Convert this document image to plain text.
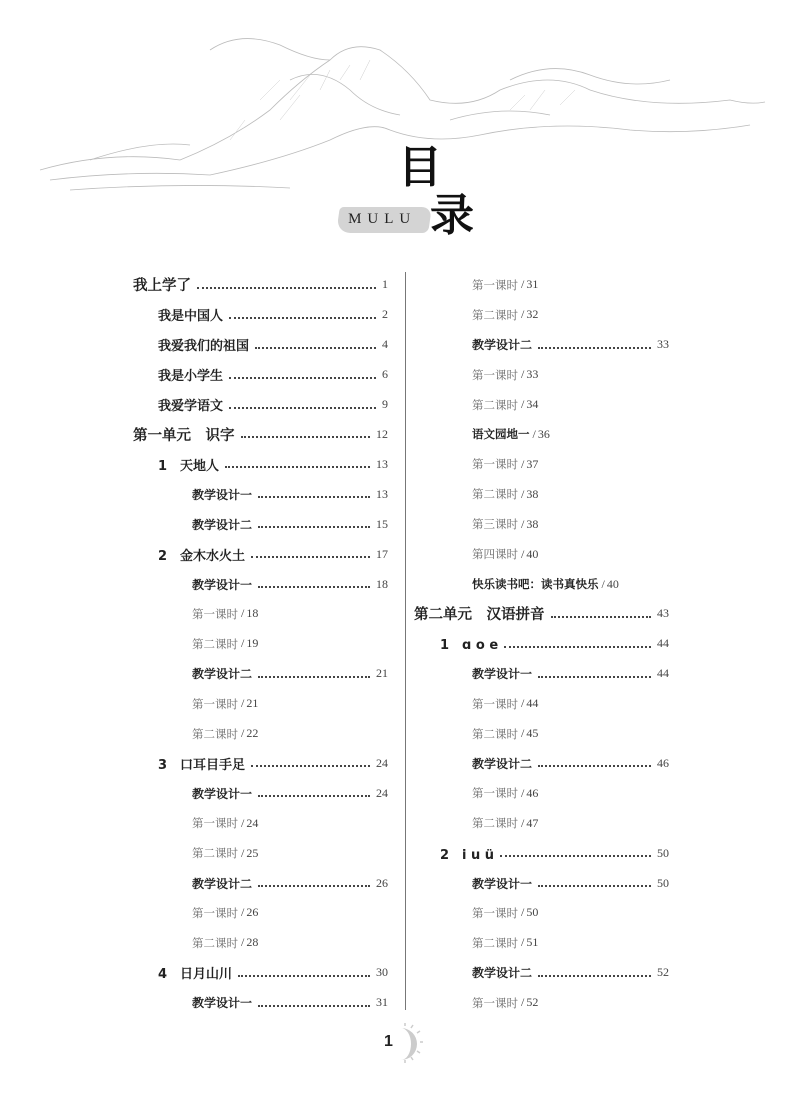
目
录
MULU
我上学了	1
我是中国人	2
我爱我们的祖国	4
我是小学生	6
我爱学语文	9
第一单元　识字	12
1　天地人	13
教学设计一	13
教学设计二	15
2　金木水火土	17
教学设计一	18
第一课时 / 18
第二课时 / 19
教学设计二	21
第一课时 / 21
第二课时 / 22
3　口耳目手足	24
教学设计一	24
第一课时 / 24
第二课时 / 25
教学设计二	26
第一课时 / 26
第二课时 / 28
4　日月山川	30
教学设计一	31
第一课时 / 31
第二课时 / 32
教学设计二	33
第一课时 / 33
第二课时 / 34
语文园地一 / 36
第一课时 / 37
第二课时 / 38
第三课时 / 38
第四课时 / 40
快乐读书吧：读书真快乐 / 40
第二单元　汉语拼音	43
1　ɑ o e	44
教学设计一	44
第一课时 / 44
第二课时 / 45
教学设计二	46
第一课时 / 46
第二课时 / 47
2　i u ü	50
教学设计一	50
第一课时 / 50
第二课时 / 51
教学设计二	52
第一课时 / 52
1
